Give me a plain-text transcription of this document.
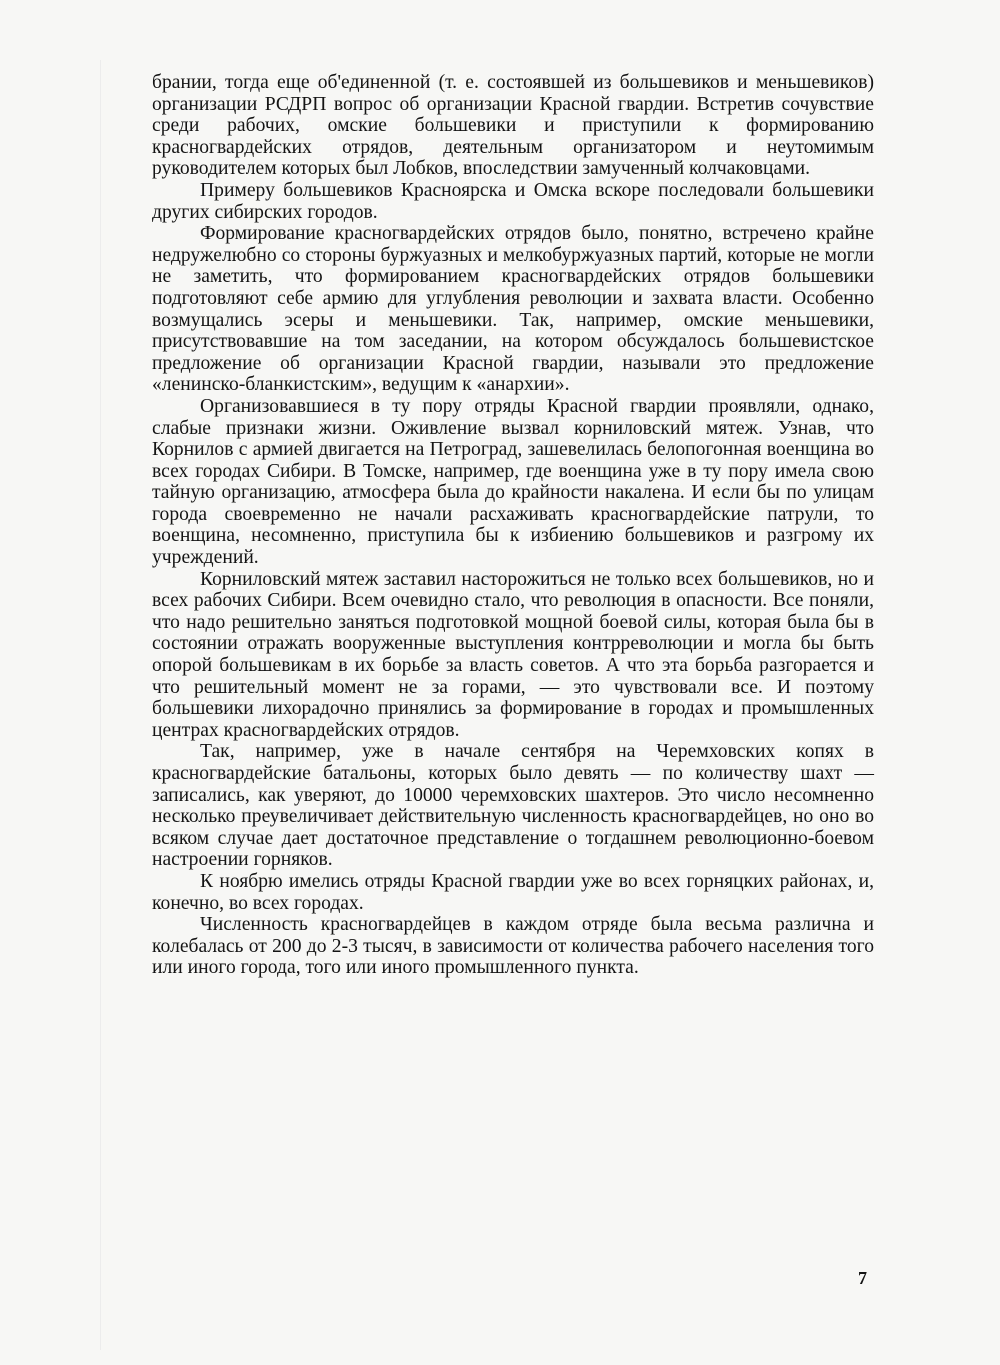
брании, тогда еще об'единенной (т. е. состоявшей из большевиков и меньшевиков) организации РСДРП вопрос об организации Красной гвардии. Встретив сочувствие среди рабочих, омские большевики и приступили к формированию красногвардейских отрядов, деятельным организатором и неутомимым руководителем которых был Лобков, впоследствии замученный колчаковцами.

Примеру большевиков Красноярска и Омска вскоре последовали большевики других сибирских городов.

Формирование красногвардейских отрядов было, понятно, встречено крайне недружелюбно со стороны буржуазных и мелкобуржуазных партий, которые не могли не заметить, что формированием красногвардейских отрядов большевики подготовляют себе армию для углубления революции и захвата власти. Особенно возмущались эсеры и меньшевики. Так, например, омские меньшевики, присутствовавшие на том заседании, на котором обсуждалось большевистское предложение об организации Красной гвардии, называли это предложение «ленинско-бланкистским», ведущим к «анархии».

Организовавшиеся в ту пору отряды Красной гвардии проявляли, однако, слабые признаки жизни. Оживление вызвал корниловский мятеж. Узнав, что Корнилов с армией двигается на Петроград, зашевелилась белопогонная военщина во всех городах Сибири. В Томске, например, где военщина уже в ту пору имела свою тайную организацию, атмосфера была до крайности накалена. И если бы по улицам города своевременно не начали расхаживать красногвардейские патрули, то военщина, несомненно, приступила бы к избиению большевиков и разгрому их учреждений.

Корниловский мятеж заставил насторожиться не только всех большевиков, но и всех рабочих Сибири. Всем очевидно стало, что революция в опасности. Все поняли, что надо решительно заняться подготовкой мощной боевой силы, которая была бы в состоянии отражать вооруженные выступления контрреволюции и могла бы быть опорой большевикам в их борьбе за власть советов. А что эта борьба разгорается и что решительный момент не за горами, — это чувствовали все. И поэтому большевики лихорадочно принялись за формирование в городах и промышленных центрах красногвардейских отрядов.

Так, например, уже в начале сентября на Черемховских копях в красногвардейские батальоны, которых было девять — по количеству шахт — записались, как уверяют, до 10000 черемховских шахтеров. Это число несомненно несколько преувеличивает действительную численность красногвардейцев, но оно во всяком случае дает достаточное представление о тогдашнем революционно-боевом настроении горняков.

К ноябрю имелись отряды Красной гвардии уже во всех горняцких районах, и, конечно, во всех городах.

Численность красногвардейцев в каждом отряде была весьма различна и колебалась от 200 до 2-3 тысяч, в зависимости от количества рабочего населения того или иного города, того или иного промышленного пункта.

7
